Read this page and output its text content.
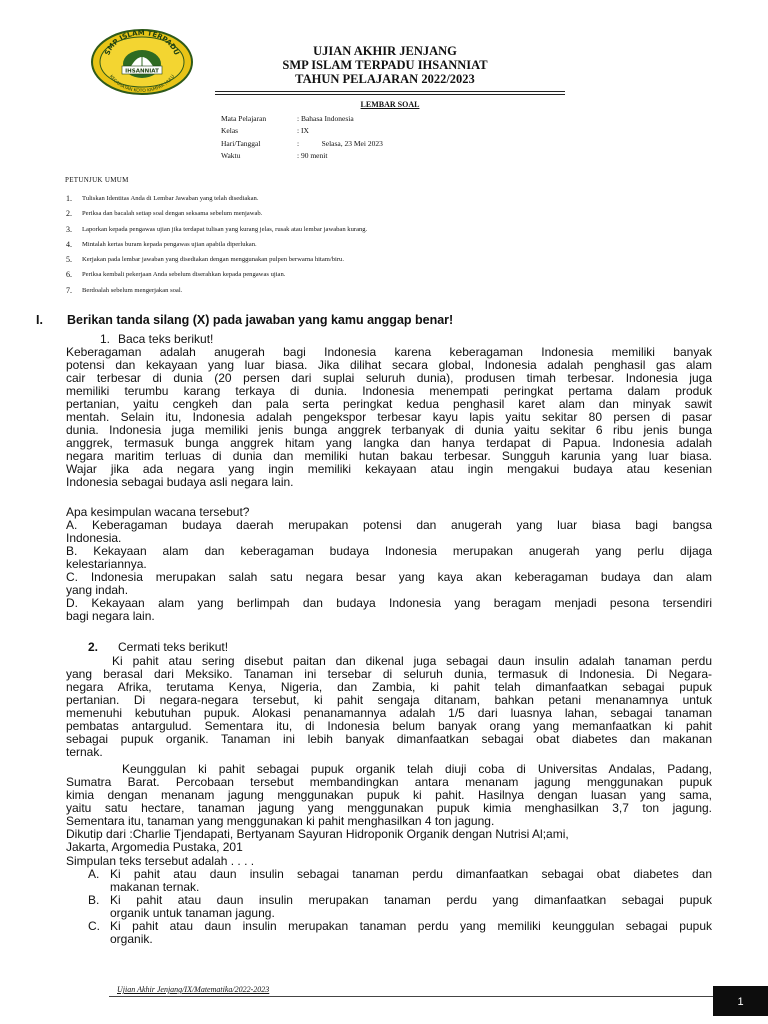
SMP ISLAM TERPADU
KECAMATAN KOTO KAMPAR HULU
IHSANNIAT
UJIAN AKHIR JENJANG
SMP ISLAM TERPADU IHSANNIAT
TAHUN PELAJARAN 2022/2023
LEMBAR SOAL
Mata Pelajaran	: Bahasa Indonesia
Kelas	: IX
Hari/Tanggal	:            Selasa, 23 Mei 2023
Waktu	: 90 menit
PETUNJUK UMUM
1. Tuliskan Identitas Anda di Lembar Jawaban yang telah disediakan.
2. Periksa dan bacalah setiap soal dengan seksama sebelum menjawab.
3. Laporkan kepada pengawas ujian jika terdapat tulisan yang kurang jelas, rusak atau lembar jawaban kurang.
4. Mintalah kertas buram kepada pengawas ujian apabila diperlukan.
5. Kerjakan pada lembar jawaban yang disediakan dengan menggunakan pulpen berwarna hitam/biru.
6. Periksa kembali pekerjaan Anda sebelum diserahkan kepada pengawas ujian.
7. Berdoalah sebelum mengerjakan soal.
I. Berikan tanda silang (X) pada jawaban yang kamu anggap benar!
1. Baca teks berikut!
Keberagaman adalah anugerah bagi Indonesia karena keberagaman Indonesia memiliki banyak
potensi dan kekayaan yang luar biasa. Jika dilihat secara global, Indonesia adalah penghasil gas alam
cair terbesar di dunia (20 persen dari suplai seluruh dunia), produsen timah terbesar. Indonesia juga
memiliki terumbu karang terkaya di dunia. Indonesia menempati peringkat pertama dalam produk
pertanian, yaitu cengkeh dan pala serta peringkat kedua penghasil karet alam dan minyak sawit
mentah. Selain itu, Indonesia adalah pengekspor terbesar kayu lapis yaitu sekitar 80 persen di pasar
dunia. Indonesia juga memiliki jenis bunga anggrek terbanyak di dunia yaitu sekitar 6 ribu jenis bunga
anggrek, termasuk bunga anggrek hitam yang langka dan hanya terdapat di Papua. Indonesia adalah
negara maritim terluas di dunia dan memiliki hutan bakau terbesar. Sungguh karunia yang luar biasa.
Wajar jika ada negara yang ingin memiliki kekayaan atau ingin mengakui budaya atau kesenian
Indonesia sebagai budaya asli negara lain.
Apa kesimpulan wacana tersebut?
A. Keberagaman budaya daerah merupakan potensi dan anugerah yang luar biasa bagi bangsa
Indonesia.
B. Kekayaan alam dan keberagaman budaya Indonesia merupakan anugerah yang perlu dijaga
kelestariannya.
C. Indonesia merupakan salah satu negara besar yang kaya akan keberagaman budaya dan alam
yang indah.
D. Kekayaan alam yang berlimpah dan budaya Indonesia yang beragam menjadi pesona tersendiri
bagi negara lain.
2. Cermati teks berikut!
Ki pahit atau sering disebut paitan dan dikenal juga sebagai daun insulin adalah tanaman perdu
yang berasal dari Meksiko. Tanaman ini tersebar di seluruh dunia, termasuk di Indonesia. Di Negara-
negara Afrika, terutama Kenya, Nigeria, dan Zambia, ki pahit telah dimanfaatkan sebagai pupuk
pertanian. Di negara-negara tersebut, ki pahit sengaja ditanam, bahkan petani menanamnya untuk
memenuhi kebutuhan pupuk. Alokasi penanamannya adalah 1/5 dari luasnya lahan, sebagai tanaman
pembatas antargulud. Sementara itu, di Indonesia belum banyak orang yang memanfaatkan ki pahit
sebagai pupuk organik. Tanaman ini lebih banyak dimanfaatkan sebagai obat diabetes dan makanan
ternak.
Keunggulan ki pahit sebagai pupuk organik telah diuji coba di Universitas Andalas, Padang,
Sumatra Barat. Percobaan tersebut membandingkan antara menanam jagung menggunakan pupuk
kimia dengan menanam jagung menggunakan pupuk ki pahit. Hasilnya dengan luasan yang sama,
yaitu satu hectare, tanaman jagung yang menggunakan pupuk kimia menghasilkan 3,7 ton jagung.
Sementara itu, tanaman yang menggunakan ki pahit menghasilkan 4 ton jagung.
Dikutip dari :Charlie Tjendapati, Bertyanam Sayuran Hidroponik Organik dengan Nutrisi Al;ami,
Jakarta, Argomedia Pustaka, 201
Simpulan teks tersebut adalah . . . .
A. Ki pahit atau daun insulin sebagai tanaman perdu dimanfaatkan sebagai obat diabetes dan
makanan ternak.
B. Ki pahit atau daun insulin merupakan tanaman perdu yang dimanfaatkan sebagai pupuk
organik untuk tanaman jagung.
C. Ki pahit atau daun insulin merupakan tanaman perdu yang memiliki keunggulan sebagai pupuk
organik.
Ujian Akhir Jenjang/IX/Matematika/2022-2023
1
